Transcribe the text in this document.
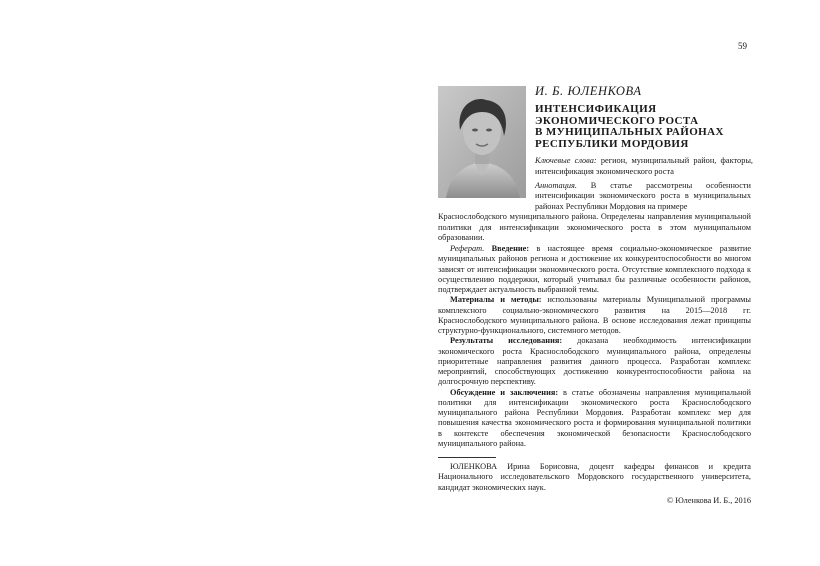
59
И. Б. ЮЛЕНКОВА
ИНТЕНСИФИКАЦИЯ
ЭКОНОМИЧЕСКОГО РОСТА
В МУНИЦИПАЛЬНЫХ РАЙОНАХ
РЕСПУБЛИКИ МОРДОВИЯ
Ключевые слова: регион, муниципальный район, факторы, интенсификация экономического роста
Аннотация. В статье рассмотрены особенности интенсификации экономического роста в муниципальных районах Республики Мордовия на примере
Краснослободского муниципального района. Определены направления муниципальной политики для интенсификации экономического роста в этом муниципальном образовании.

Реферат. Введение: в настоящее время социально-экономическое развитие муниципальных районов региона и достижение их конкурентоспособности во многом зависят от интенсификации экономического роста. Отсутствие комплексного подхода к осуществлению поддержки, который учитывал бы различные особенности районов, подтверждает актуальность выбранной темы.

Материалы и методы: использованы материалы Муниципальной программы комплексного социально-экономического развития на 2015—2018 гг. Краснослободского муниципального района. В основе исследования лежат принципы структурно-функционального, системного методов.

Результаты исследования: доказана необходимость интенсификации экономического роста Краснослободского муниципального района, определены приоритетные направления развития данного процесса. Разработан комплекс мероприятий, способствующих достижению конкурентоспособности района на долгосрочную перспективу.

Обсуждение и заключения: в статье обозначены направления муниципальной политики для интенсификации экономического роста Краснослободского муниципального района Республики Мордовия. Разработан комплекс мер для повышения качества экономического роста и формирования муниципальной политики в контексте обеспечения экономической безопасности Краснослободского муниципального района.

ЮЛЕНКОВА Ирина Борисовна, доцент кафедры финансов и кредита Национального исследовательского Мордовского государственного университета, кандидат экономических наук.
© Юленкова И. Б., 2016
